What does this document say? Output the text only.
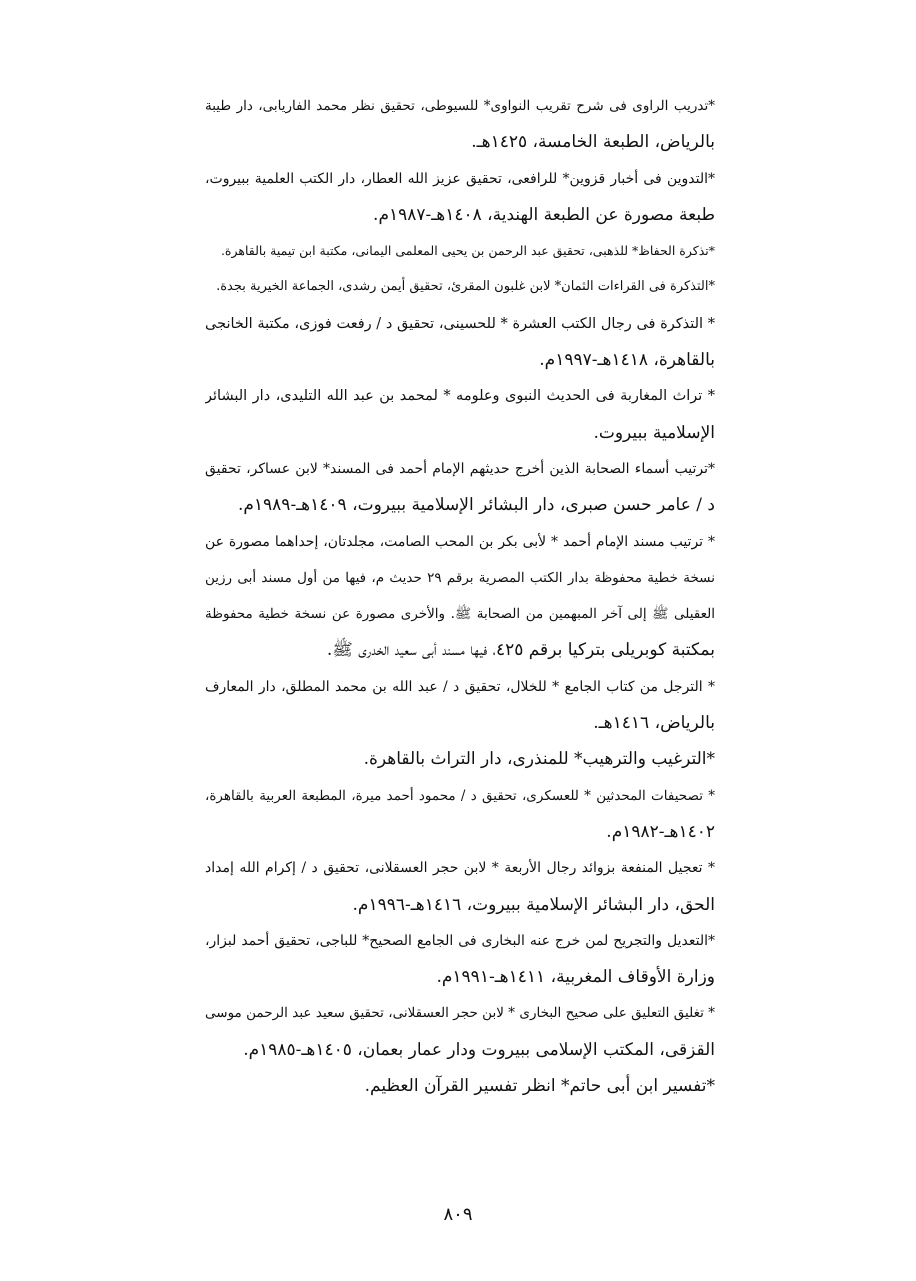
*تدريب الراوى فى شرح تقريب النواوى* للسيوطى، تحقيق نظر محمد الفاريابى، دار طيبة
بالرياض، الطبعة الخامسة، ١٤٢٥هـ.
*التدوين فى أخبار قزوين* للرافعى، تحقيق عزيز الله العطار، دار الكتب العلمية ببيروت،
طبعة مصورة عن الطبعة الهندية، ١٤٠٨هـ-١٩٨٧م.
*تذكرة الحفاظ* للذهبى، تحقيق عبد الرحمن بن يحيى المعلمى اليمانى، مكتبة ابن تيمية بالقاهرة.
*التذكرة فى القراءات الثمان* لابن غلبون المقرئ، تحقيق أيمن رشدى، الجماعة الخيرية بجدة.
* التذكرة فى رجال الكتب العشرة * للحسينى، تحقيق د / رفعت فوزى، مكتبة الخانجى
بالقاهرة، ١٤١٨هـ-١٩٩٧م.
* تراث المغاربة فى الحديث النبوى وعلومه * لمحمد بن عبد الله التليدى، دار البشائر
الإسلامية ببيروت.
*ترتيب أسماء الصحابة الذين أخرج حديثهم الإمام أحمد فى المسند* لابن عساكر، تحقيق
د / عامر حسن صبرى، دار البشائر الإسلامية ببيروت، ١٤٠٩هـ-١٩٨٩م.
* ترتيب مسند الإمام أحمد * لأبى بكر بن المحب الصامت، مجلدتان، إحداهما مصورة عن
نسخة خطية محفوظة بدار الكتب المصرية برقم ٢٩ حديث م، فيها من أول مسند أبى رزين
العقيلى ﷺ إلى آخر المبهمين من الصحابة ﷺ. والأخرى مصورة عن نسخة خطية محفوظة
بمكتبة كوبريلى بتركيا برقم ٤٢٥، فيها مسند أبى سعيد الخدرى ﷺ.
* الترجل من كتاب الجامع * للخلال، تحقيق د / عبد الله بن محمد المطلق، دار المعارف
بالرياض، ١٤١٦هـ.
*الترغيب والترهيب* للمنذرى، دار التراث بالقاهرة.
* تصحيفات المحدثين * للعسكرى، تحقيق د / محمود أحمد ميرة، المطبعة العربية بالقاهرة،
١٤٠٢هـ-١٩٨٢م.
* تعجيل المنفعة بزوائد رجال الأربعة * لابن حجر العسقلانى، تحقيق د / إكرام الله إمداد
الحق، دار البشائر الإسلامية ببيروت، ١٤١٦هـ-١٩٩٦م.
*التعديل والتجريح لمن خرج عنه البخارى فى الجامع الصحيح* للباجى، تحقيق أحمد لبزار،
وزارة الأوقاف المغربية، ١٤١١هـ-١٩٩١م.
* تغليق التعليق على صحيح البخارى * لابن حجر العسقلانى، تحقيق سعيد عبد الرحمن موسى
القزقى، المكتب الإسلامى ببيروت ودار عمار بعمان، ١٤٠٥هـ-١٩٨٥م.
*تفسير ابن أبى حاتم* انظر تفسير القرآن العظيم.
٨٠٩
